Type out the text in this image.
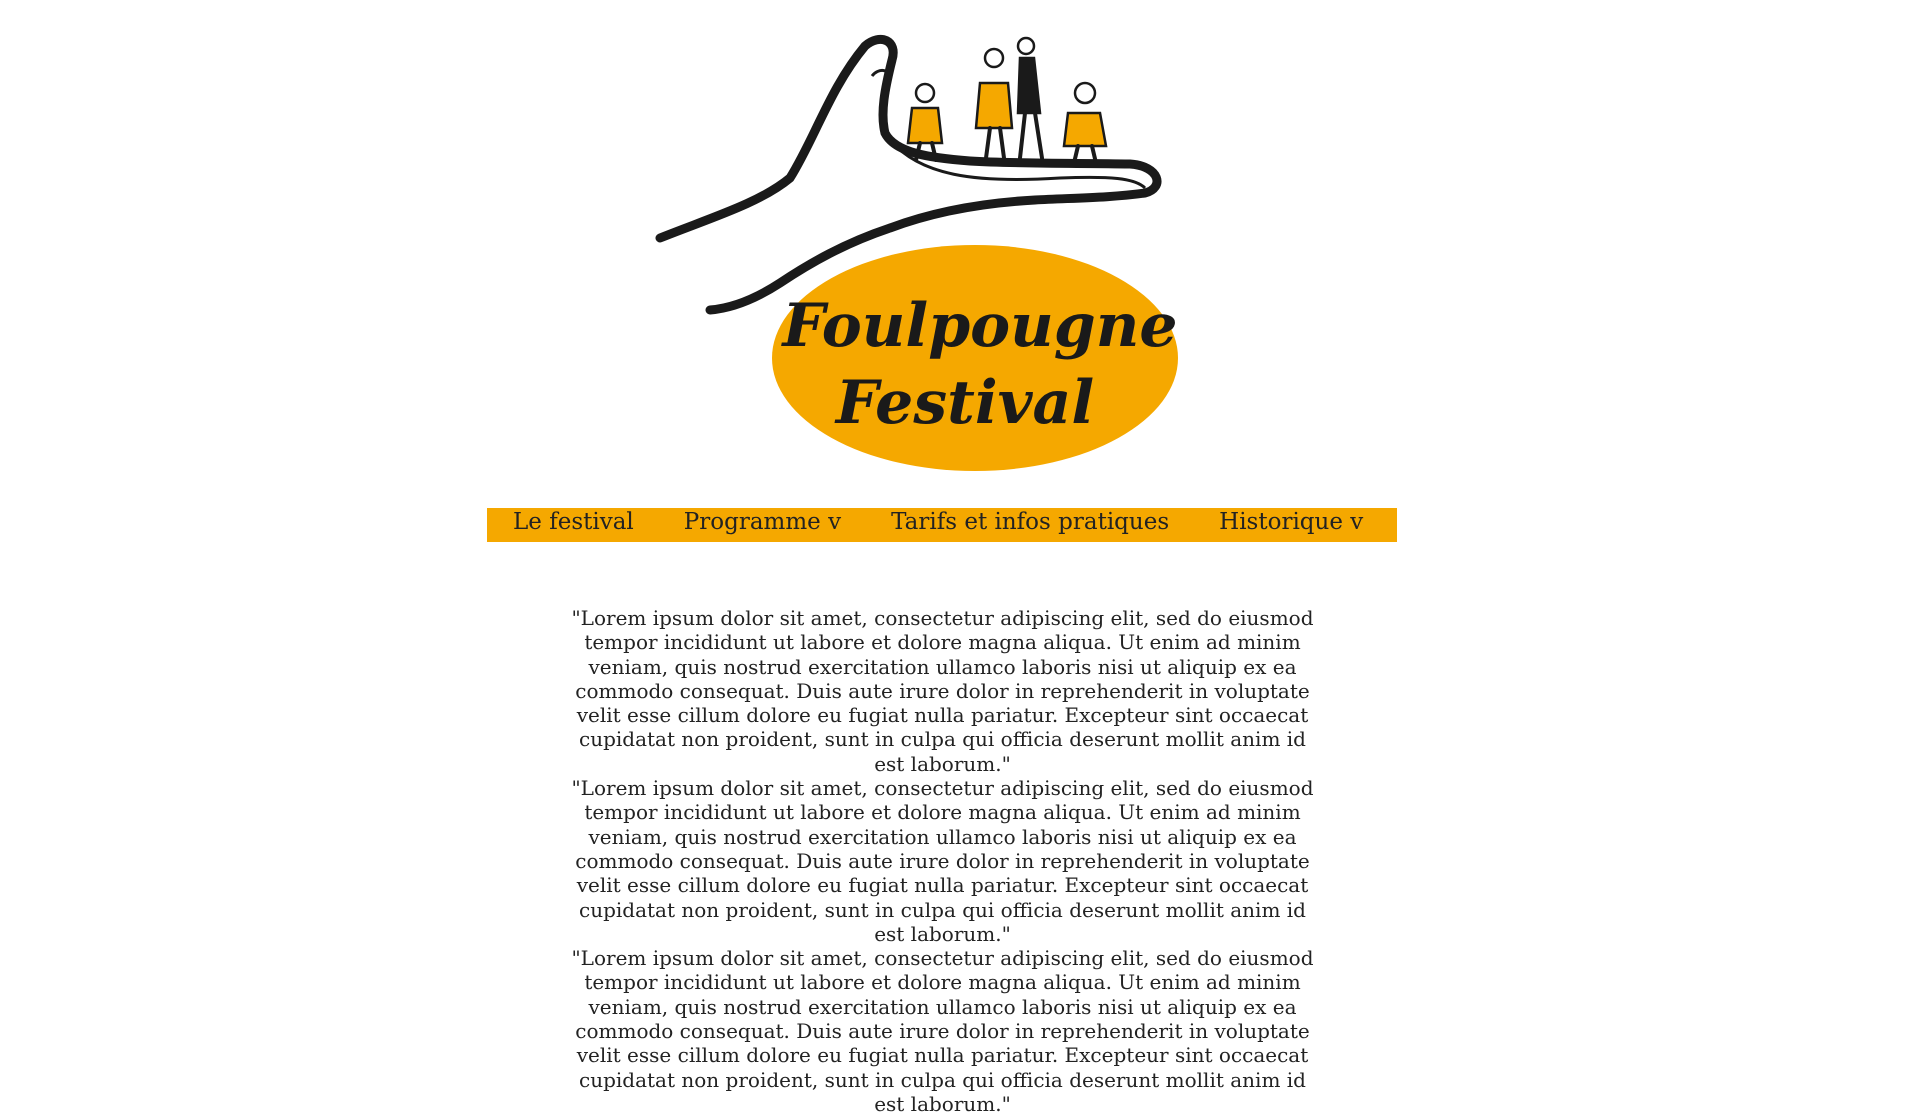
Foulpougne
Festival
Le festival Programme v Tarifs et infos pratiques Historique v

"Lorem ipsum dolor sit amet, consectetur adipiscing elit, sed do eiusmod tempor incididunt ut labore et dolore magna aliqua. Ut enim ad minim veniam, quis nostrud exercitation ullamco laboris nisi ut aliquip ex ea commodo consequat. Duis aute irure dolor in reprehenderit in voluptate velit esse cillum dolore eu fugiat nulla pariatur. Excepteur sint occaecat cupidatat non proident, sunt in culpa qui officia deserunt mollit anim id est laborum."

"Lorem ipsum dolor sit amet, consectetur adipiscing elit, sed do eiusmod tempor incididunt ut labore et dolore magna aliqua. Ut enim ad minim veniam, quis nostrud exercitation ullamco laboris nisi ut aliquip ex ea commodo consequat. Duis aute irure dolor in reprehenderit in voluptate velit esse cillum dolore eu fugiat nulla pariatur. Excepteur sint occaecat cupidatat non proident, sunt in culpa qui officia deserunt mollit anim id est laborum."

"Lorem ipsum dolor sit amet, consectetur adipiscing elit, sed do eiusmod tempor incididunt ut labore et dolore magna aliqua. Ut enim ad minim veniam, quis nostrud exercitation ullamco laboris nisi ut aliquip ex ea commodo consequat. Duis aute irure dolor in reprehenderit in voluptate velit esse cillum dolore eu fugiat nulla pariatur. Excepteur sint occaecat cupidatat non proident, sunt in culpa qui officia deserunt mollit anim id est laborum."
